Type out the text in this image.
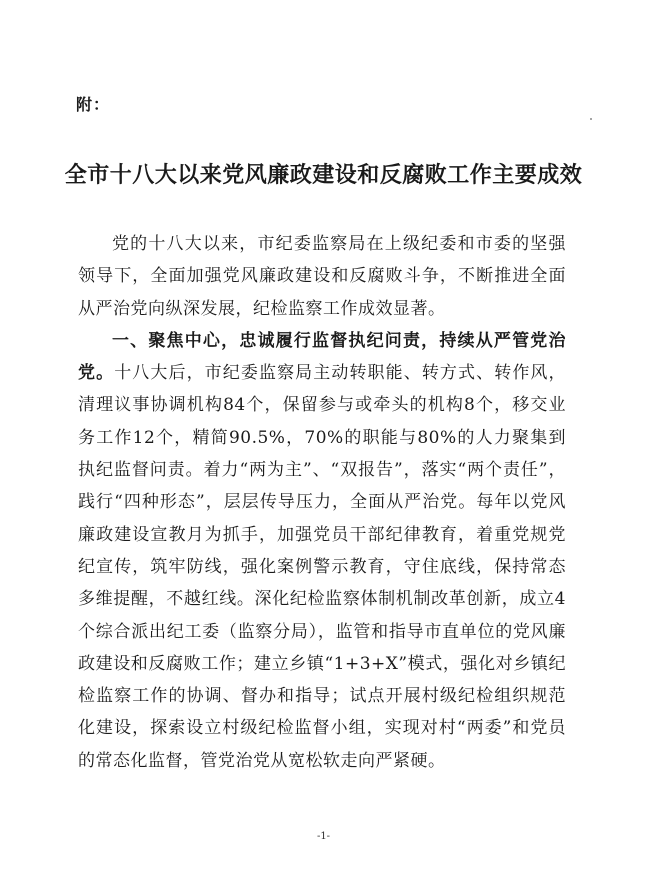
附：
全市十八大以来党风廉政建设和反腐败工作主要成效

党的十八大以来，市纪委监察局在上级纪委和市委的坚强领导下，全面加强党风廉政建设和反腐败斗争，不断推进全面从严治党向纵深发展，纪检监察工作成效显著。

一、聚焦中心，忠诚履行监督执纪问责，持续从严管党治党。十八大后，市纪委监察局主动转职能、转方式、转作风，清理议事协调机构84个，保留参与或牵头的机构8个，移交业务工作12个，精简90.5%，70%的职能与80%的人力聚集到执纪监督问责。着力“两为主”、“双报告”，落实“两个责任”，践行“四种形态”，层层传导压力，全面从严治党。每年以党风廉政建设宣教月为抓手，加强党员干部纪律教育，着重党规党纪宣传，筑牢防线，强化案例警示教育，守住底线，保持常态多维提醒，不越红线。深化纪检监察体制机制改革创新，成立4个综合派出纪工委（监察分局），监管和指导市直单位的党风廉政建设和反腐败工作；建立乡镇“1+3+X”模式，强化对乡镇纪检监察工作的协调、督办和指导；试点开展村级纪检组织规范化建设，探索设立村级纪检监督小组，实现对村“两委”和党员的常态化监督，管党治党从宽松软走向严紧硬。

-1-
